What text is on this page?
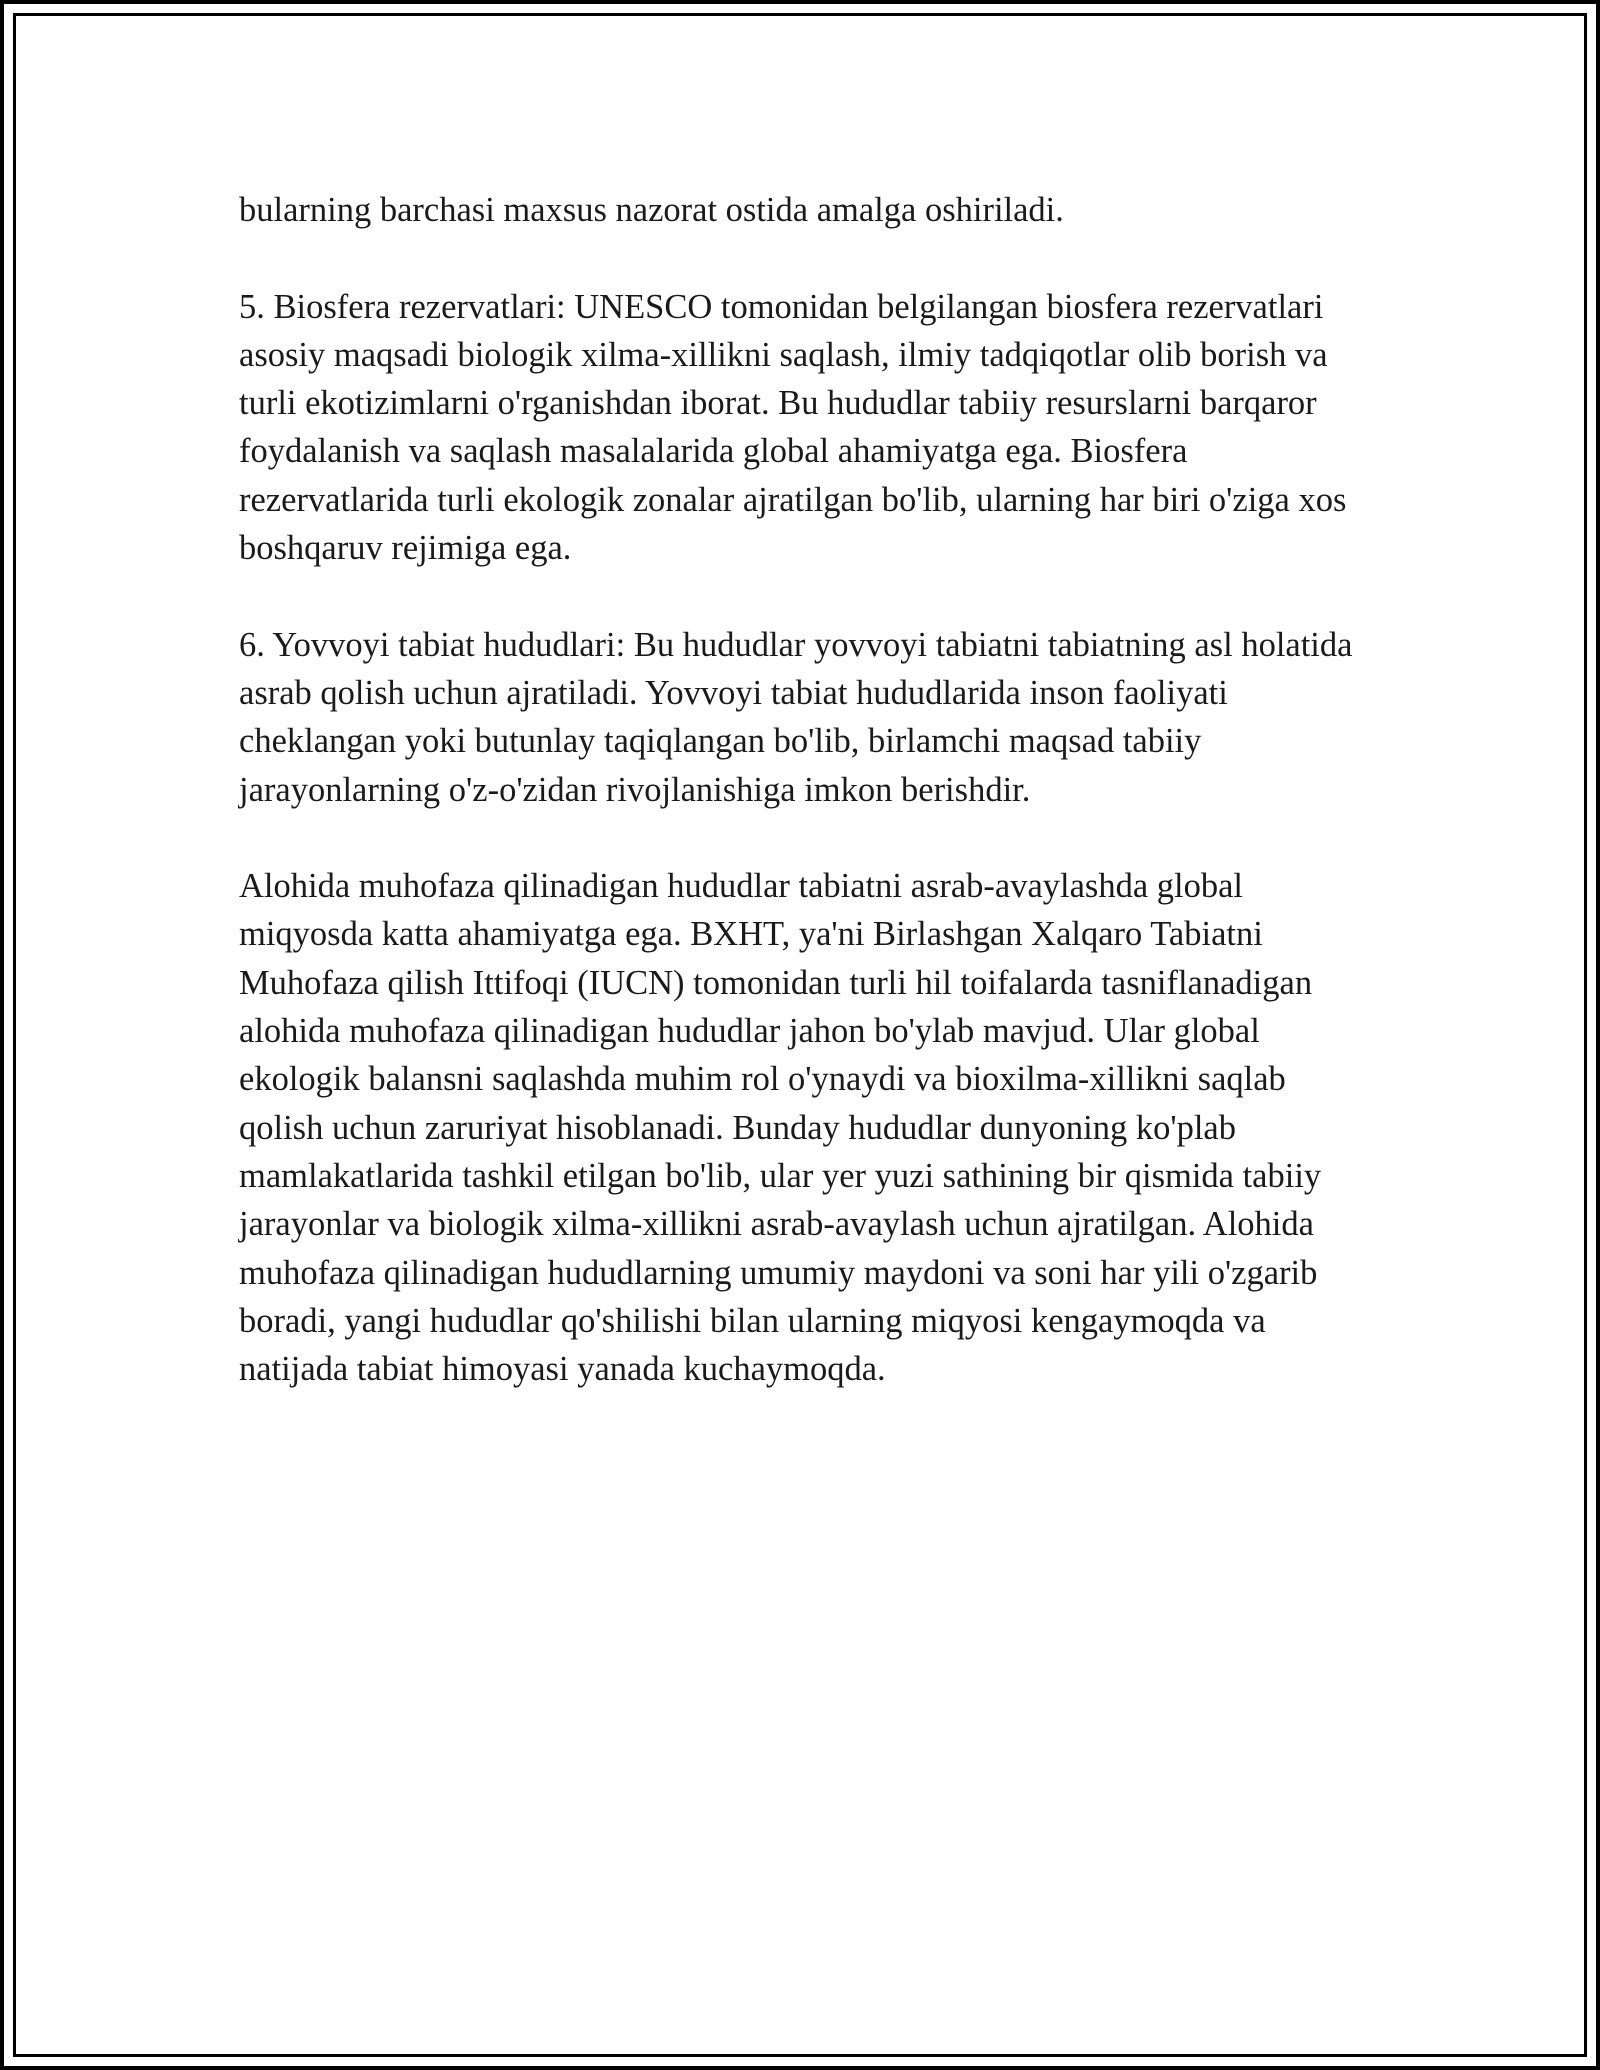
bularning barchasi maxsus nazorat ostida amalga oshiriladi.

5. Biosfera rezervatlari: UNESCO tomonidan belgilangan biosfera rezervatlari asosiy maqsadi biologik xilma-xillikni saqlash, ilmiy tadqiqotlar olib borish va turli ekotizimlarni o'rganishdan iborat. Bu hududlar tabiiy resurslarni barqaror foydalanish va saqlash masalalarida global ahamiyatga ega. Biosfera rezervatlarida turli ekologik zonalar ajratilgan bo'lib, ularning har biri o'ziga xos boshqaruv rejimiga ega.

6. Yovvoyi tabiat hududlari: Bu hududlar yovvoyi tabiatni tabiatning asl holatida asrab qolish uchun ajratiladi. Yovvoyi tabiat hududlarida inson faoliyati cheklangan yoki butunlay taqiqlangan bo'lib, birlamchi maqsad tabiiy jarayonlarning o'z-o'zidan rivojlanishiga imkon berishdir.

Alohida muhofaza qilinadigan hududlar tabiatni asrab-avaylashda global miqyosda katta ahamiyatga ega. BXHT, ya'ni Birlashgan Xalqaro Tabiatni Muhofaza qilish Ittifoqi (IUCN) tomonidan turli hil toifalarda tasniflanadigan alohida muhofaza qilinadigan hududlar jahon bo'ylab mavjud. Ular global ekologik balansni saqlashda muhim rol o'ynaydi va bioxilma-xillikni saqlab qolish uchun zaruriyat hisoblanadi. Bunday hududlar dunyoning ko'plab mamlakatlarida tashkil etilgan bo'lib, ular yer yuzi sathining bir qismida tabiiy jarayonlar va biologik xilma-xillikni asrab-avaylash uchun ajratilgan. Alohida muhofaza qilinadigan hududlarning umumiy maydoni va soni har yili o'zgarib boradi, yangi hududlar qo'shilishi bilan ularning miqyosi kengaymoqda va natijada tabiat himoyasi yanada kuchaymoqda.
